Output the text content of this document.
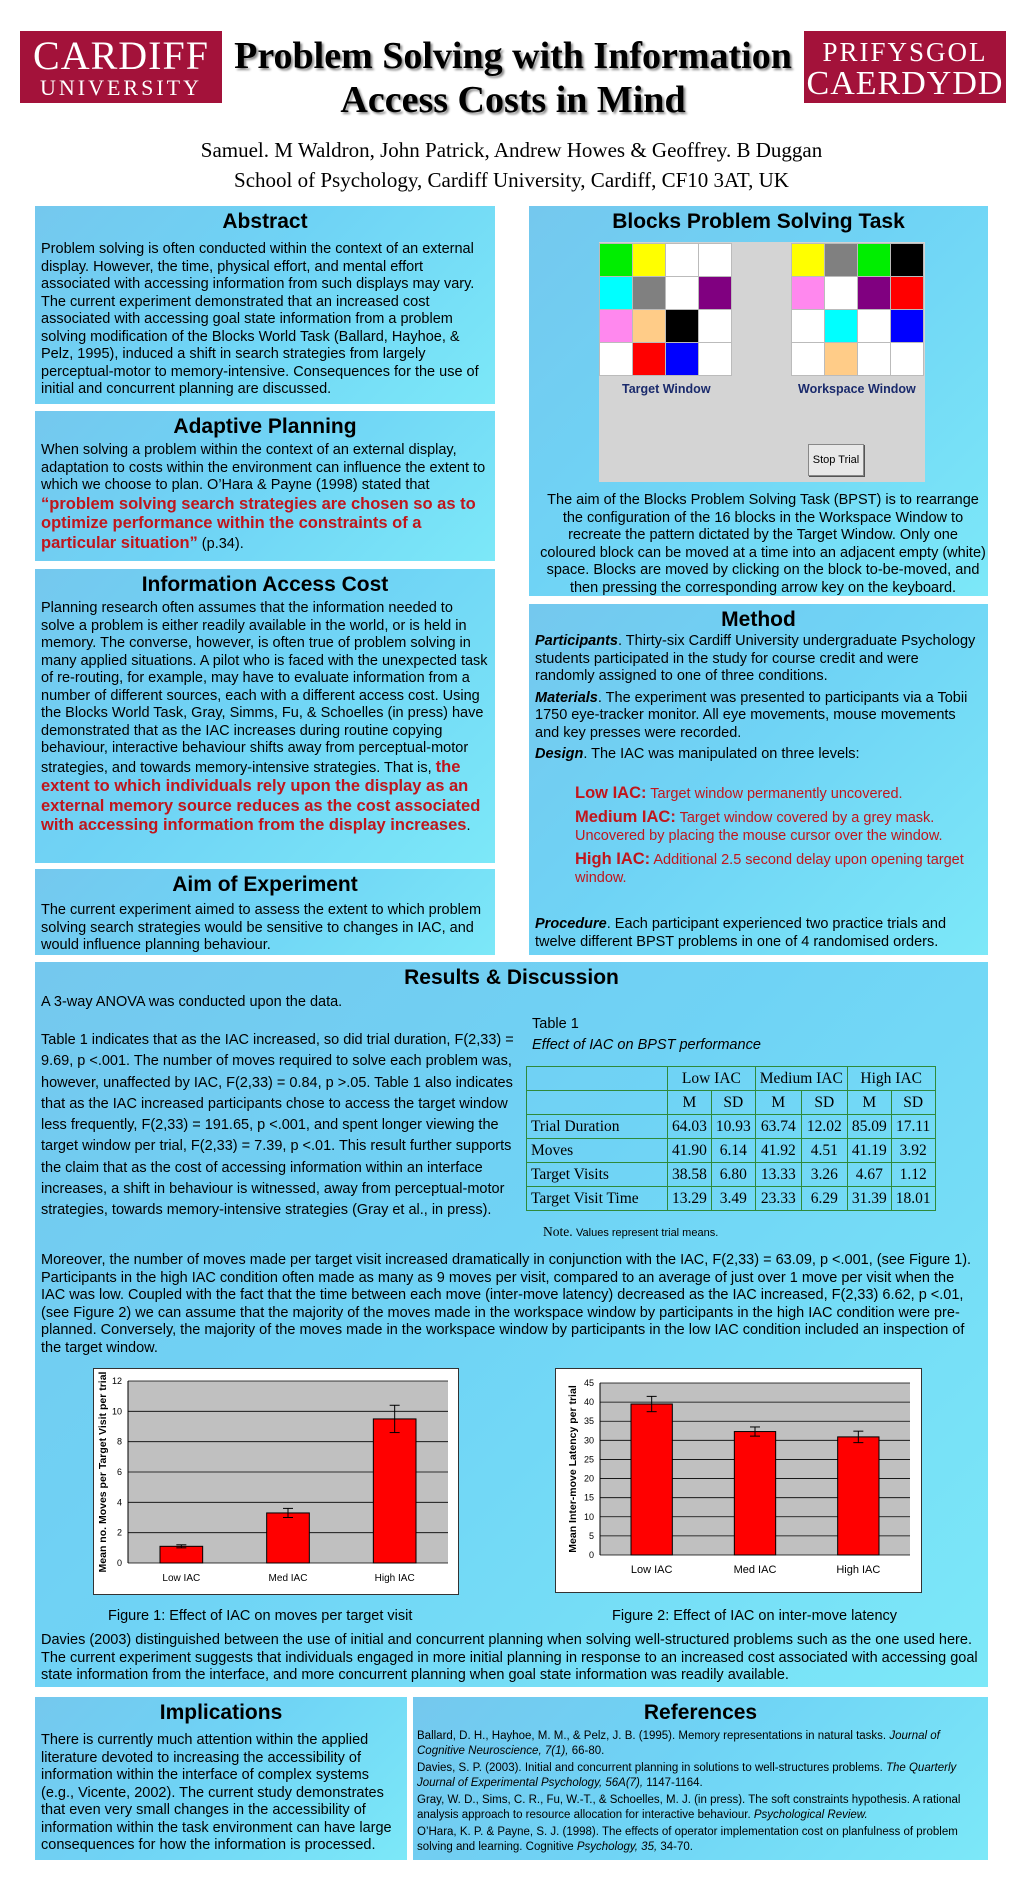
CARDIFF
UNIVERSITY
Problem Solving with Information
Access Costs in Mind
PRIFYSGOL
CAERDYDD
Samuel. M Waldron, John Patrick, Andrew Howes & Geoffrey. B Duggan
School of Psychology, Cardiff University, Cardiff, CF10 3AT, UK
Abstract
Problem solving is often conducted within the context of an external display. However, the time, physical effort, and mental effort associated with accessing information from such displays may vary. The current experiment demonstrated that an increased cost associated with accessing goal state information from a problem solving modification of the Blocks World Task (Ballard, Hayhoe, & Pelz, 1995), induced a shift in search strategies from largely perceptual-motor to memory-intensive. Consequences for the use of initial and concurrent planning are discussed.
Adaptive Planning
When solving a problem within the context of an external display, adaptation to costs within the environment can influence the extent to which we choose to plan. O’Hara & Payne (1998) stated that “problem solving search strategies are chosen so as to optimize performance within the constraints of a particular situation” (p.34).
Information Access Cost
Planning research often assumes that the information needed to solve a problem is either readily available in the world, or is held in memory. The converse, however, is often true of problem solving in many applied situations. A pilot who is faced with the unexpected task of re-routing, for example, may have to evaluate information from a number of different sources, each with a different access cost. Using the Blocks World Task, Gray, Simms, Fu, & Schoelles (in press) have demonstrated that as the IAC increases during routine copying behaviour, interactive behaviour shifts away from perceptual-motor strategies, and towards memory-intensive strategies. That is, the extent to which individuals rely upon the display as an external memory source reduces as the cost associated with accessing information from the display increases.
Aim of Experiment
The current experiment aimed to assess the extent to which problem solving search strategies would be sensitive to changes in IAC, and would influence planning behaviour.
Blocks Problem Solving Task
The aim of the Blocks Problem Solving Task (BPST) is to rearrange the configuration of the 16 blocks in the Workspace Window to recreate the pattern dictated by the Target Window. Only one coloured block can be moved at a time into an adjacent empty (white) space. Blocks are moved by clicking on the block to-be-moved, and then pressing the corresponding arrow key on the keyboard.
Target Window	Workspace Window
Stop Trial
Method
Participants. Thirty-six Cardiff University undergraduate Psychology students participated in the study for course credit and were randomly assigned to one of three conditions.
Materials. The experiment was presented to participants via a Tobii 1750 eye-tracker monitor. All eye movements, mouse movements and key presses were recorded.
Design. The IAC was manipulated on three levels:
Low IAC: Target window permanently uncovered.
Medium IAC: Target window covered by a grey mask. Uncovered by placing the mouse cursor over the window.
High IAC: Additional 2.5 second delay upon opening target window.
Procedure. Each participant experienced two practice trials and twelve different BPST problems in one of 4 randomised orders.
Results & Discussion
A 3-way ANOVA was conducted upon the data.
Table 1 indicates that as the IAC increased, so did trial duration, F(2,33) = 9.69, p <.001. The number of moves required to solve each problem was, however, unaffected by IAC, F(2,33) = 0.84, p >.05. Table 1 also indicates that as the IAC increased participants chose to access the target window less frequently, F(2,33) = 191.65, p <.001, and spent longer viewing the target window per trial, F(2,33) = 7.39, p <.01. This result further supports the claim that as the cost of accessing information within an interface increases, a shift in behaviour is witnessed, away from perceptual-motor strategies, towards memory-intensive strategies (Gray et al., in press).
Table 1
Effect of IAC on BPST performance
Note. Values represent trial means.
Moreover, the number of moves made per target visit increased dramatically in conjunction with the IAC, F(2,33) = 63.09, p <.001, (see Figure 1). Participants in the high IAC condition often made as many as 9 moves per visit, compared to an average of just over 1 move per visit when the IAC was low. Coupled with the fact that the time between each move (inter-move latency) decreased as the IAC increased, F(2,33) 6.62, p <.01, (see Figure 2) we can assume that the majority of the moves made in the workspace window by participants in the high IAC condition were pre-planned. Conversely, the majority of the moves made in the workspace window by participants in the low IAC condition included an inspection of the target window.
Davies (2003) distinguished between the use of initial and concurrent planning when solving well-structured problems such as the one used here. The current experiment suggests that individuals engaged in more initial planning in response to an increased cost associated with accessing goal state information from the interface, and more concurrent planning when goal state information was readily available.
	Low IAC		Medium IAC		High IAC	
	M	SD	M	SD	M	SD
Trial Duration	64.03	10.93	63.74	12.02	85.09	17.11
Moves	41.90	6.14	41.92	4.51	41.19	3.92
Target Visits	38.58	6.80	13.33	3.26	4.67	1.12
Target Visit Time	13.29	3.49	23.33	6.29	31.39	18.01
0
2
4
6
8
10
12
Low IAC	Med IAC	High IAC
Mean no. Moves per Target Visit per trial
Figure 1: Effect of IAC on moves per target visit
0
5
10
15
20
25
30
35
40
45
Low IAC	Med IAC	High IAC
Mean Inter-move Latency per trial
Figure 2: Effect of IAC on inter-move latency
Implications
There is currently much attention within the applied literature devoted to increasing the accessibility of information within the interface of complex systems (e.g., Vicente, 2002). The current study demonstrates that even very small changes in the accessibility of information within the task environment can have large consequences for how the information is processed.
References
Ballard, D. H., Hayhoe, M. M., & Pelz, J. B. (1995). Memory representations in natural tasks. Journal of Cognitive Neuroscience, 7(1), 66-80.
Davies, S. P. (2003). Initial and concurrent planning in solutions to well-structures problems. The Quarterly Journal of Experimental Psychology, 56A(7), 1147-1164.
Gray, W. D., Sims, C. R., Fu, W.-T., & Schoelles, M. J. (in press). The soft constraints hypothesis. A rational analysis approach to resource allocation for interactive behaviour. Psychological Review.
O’Hara, K. P. & Payne, S. J. (1998). The effects of operator implementation cost on planfulness of problem solving and learning. Cognitive Psychology, 35, 34-70.
